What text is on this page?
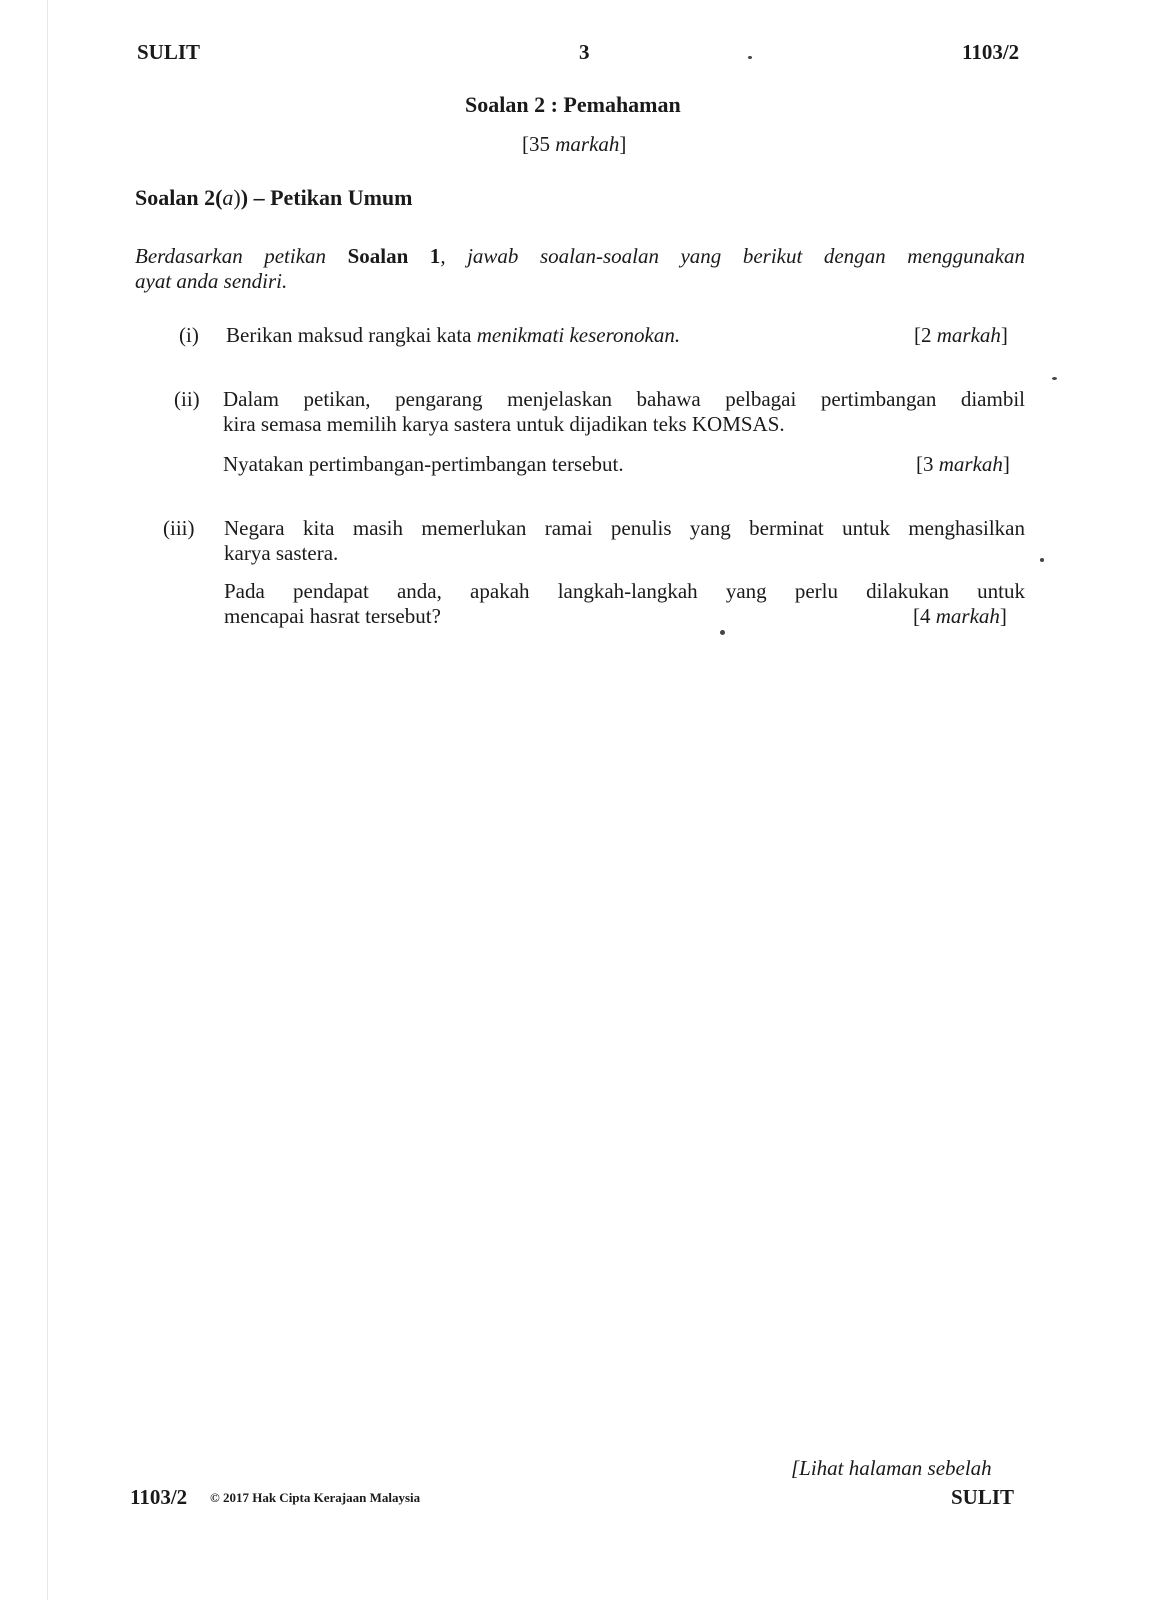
SULIT	3	1103/2
Soalan 2 : Pemahaman
[35 markah]
Soalan 2(a)) – Petikan Umum
Berdasarkan petikan Soalan 1, jawab soalan-soalan yang berikut dengan menggunakan
ayat anda sendiri.
(i) Berikan maksud rangkai kata menikmati keseronokan.	[2 markah]
(ii) Dalam petikan, pengarang menjelaskan bahawa pelbagai pertimbangan diambil
kira semasa memilih karya sastera untuk dijadikan teks KOMSAS.
Nyatakan pertimbangan-pertimbangan tersebut.	[3 markah]
(iii) Negara kita masih memerlukan ramai penulis yang berminat untuk menghasilkan
karya sastera.
Pada pendapat anda, apakah langkah-langkah yang perlu dilakukan untuk
mencapai hasrat tersebut?	[4 markah]
[Lihat halaman sebelah
1103/2 © 2017 Hak Cipta Kerajaan Malaysia	SULIT
